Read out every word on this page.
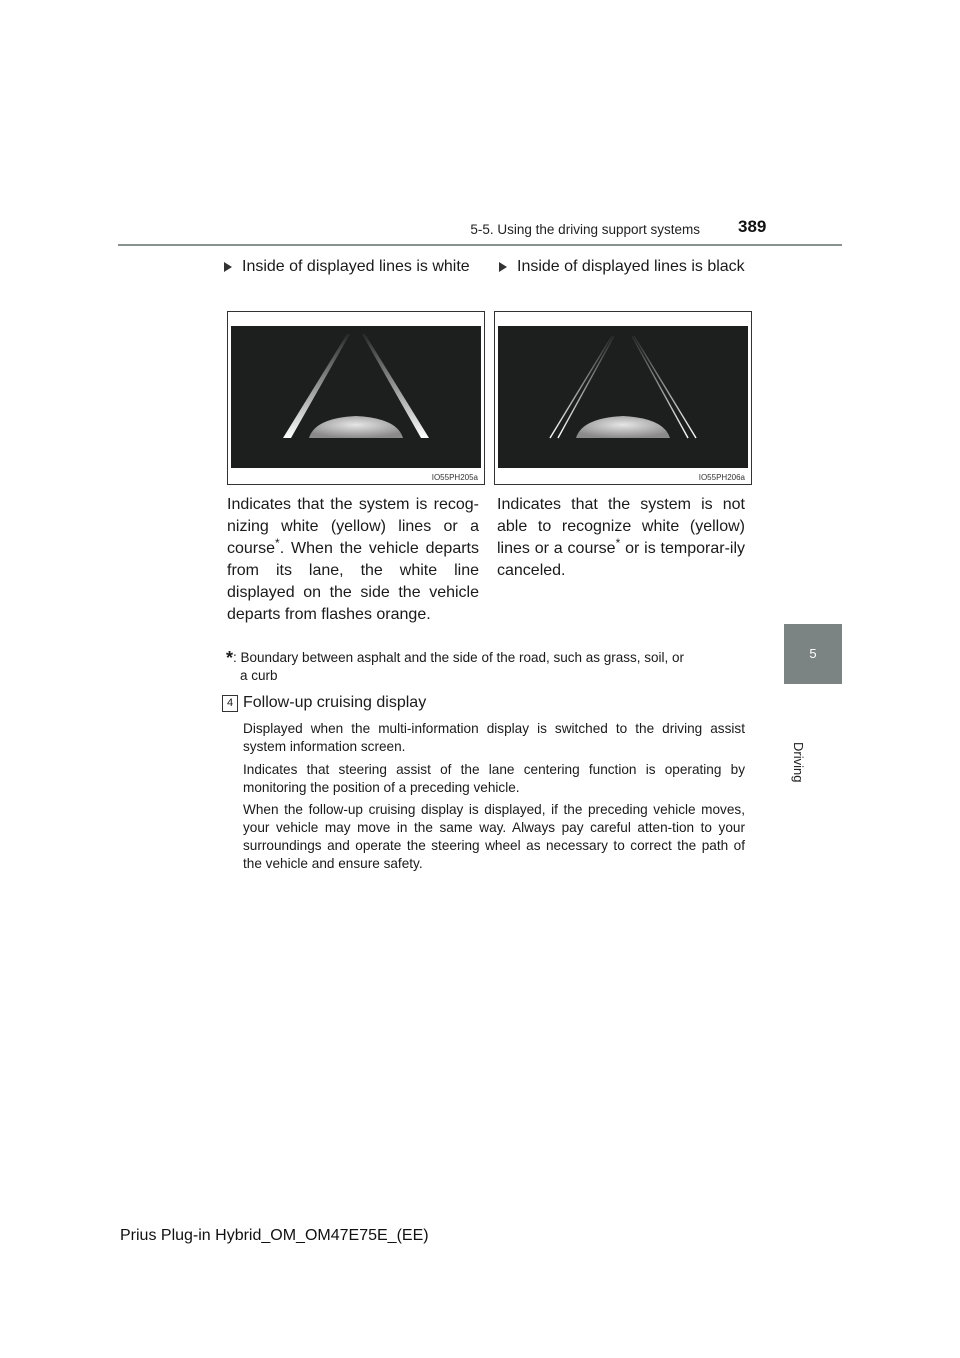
5-5. Using the driving support systems 389
5
Driving
Inside of displayed lines is white	Inside of displayed lines is black
IO55PH205a	IO55PH206a
Indicates that the system is recog-nizing white (yellow) lines or a course*. When the vehicle departs from its lane, the white line displayed on the side the vehicle departs from flashes orange.
Indicates that the system is not able to recognize white (yellow) lines or a course* or is temporar-ily canceled.
*: Boundary between asphalt and the side of the road, such as grass, soil, or
a curb
4 Follow-up cruising display
Displayed when the multi-information display is switched to the driving assist system information screen.
Indicates that steering assist of the lane centering function is operating by monitoring the position of a preceding vehicle.
When the follow-up cruising display is displayed, if the preceding vehicle moves, your vehicle may move in the same way. Always pay careful atten-tion to your surroundings and operate the steering wheel as necessary to correct the path of the vehicle and ensure safety.
Prius Plug-in Hybrid_OM_OM47E75E_(EE)
